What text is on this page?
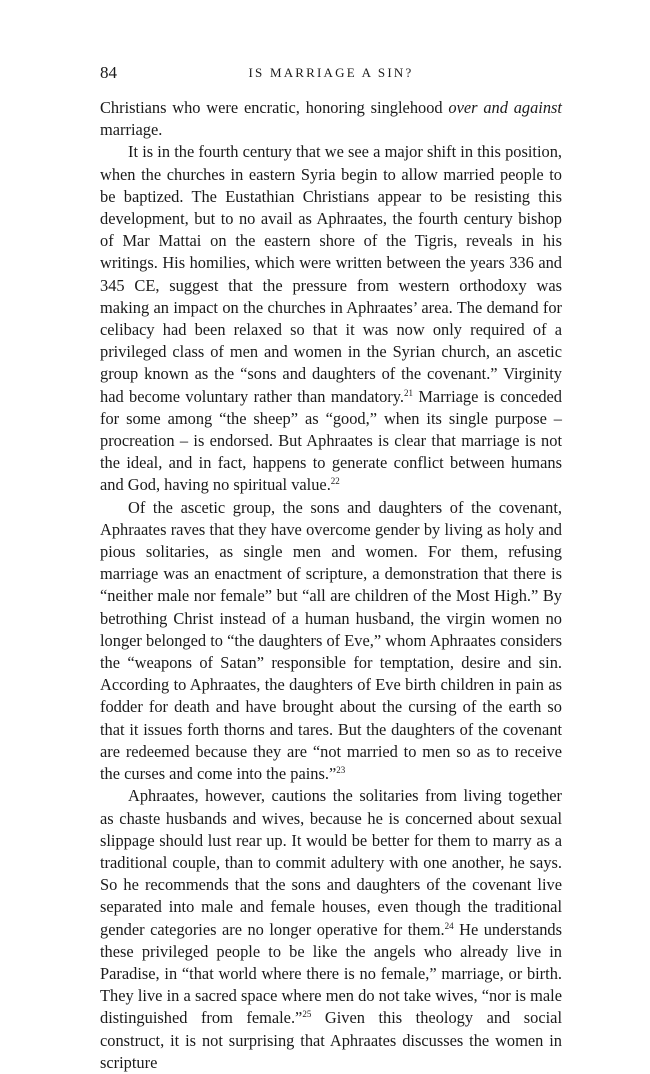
84	IS MARRIAGE A SIN?

Christians who were encratic, honoring singlehood over and against marriage.

It is in the fourth century that we see a major shift in this position, when the churches in eastern Syria begin to allow married people to be baptized. The Eustathian Christians appear to be resisting this development, but to no avail as Aphraates, the fourth century bishop of Mar Mattai on the eastern shore of the Tigris, reveals in his writings. His homilies, which were written between the years 336 and 345 CE, suggest that the pressure from western orthodoxy was making an impact on the churches in Aphraates’ area. The demand for celibacy had been relaxed so that it was now only required of a privileged class of men and women in the Syrian church, an ascetic group known as the “sons and daughters of the covenant.” Virginity had become voluntary rather than mandatory.$^{21}$ Marriage is conceded for some among “the sheep” as “good,” when its single purpose – procreation – is endorsed. But Aphraates is clear that marriage is not the ideal, and in fact, happens to generate conflict between humans and God, having no spiritual value.$^{22}$

Of the ascetic group, the sons and daughters of the covenant, Aphraates raves that they have overcome gender by living as holy and pious solitaries, as single men and women. For them, refusing marriage was an enactment of scripture, a demonstration that there is “neither male nor female” but “all are children of the Most High.” By betrothing Christ instead of a human husband, the virgin women no longer belonged to “the daughters of Eve,” whom Aphraates considers the “weapons of Satan” responsible for temptation, desire and sin. According to Aphraates, the daughters of Eve birth children in pain as fodder for death and have brought about the cursing of the earth so that it issues forth thorns and tares. But the daughters of the covenant are redeemed because they are “not married to men so as to receive the curses and come into the pains.”$^{23}$

Aphraates, however, cautions the solitaries from living together as chaste husbands and wives, because he is concerned about sexual slippage should lust rear up. It would be better for them to marry as a traditional couple, than to commit adultery with one another, he says. So he recommends that the sons and daughters of the covenant live separated into male and female houses, even though the traditional gender categories are no longer operative for them.$^{24}$ He understands these privileged people to be like the angels who already live in Paradise, in “that world where there is no female,” marriage, or birth. They live in a sacred space where men do not take wives, “nor is male distinguished from female.”$^{25}$ Given this theology and social construct, it is not surprising that Aphraates discusses the women in scripture
